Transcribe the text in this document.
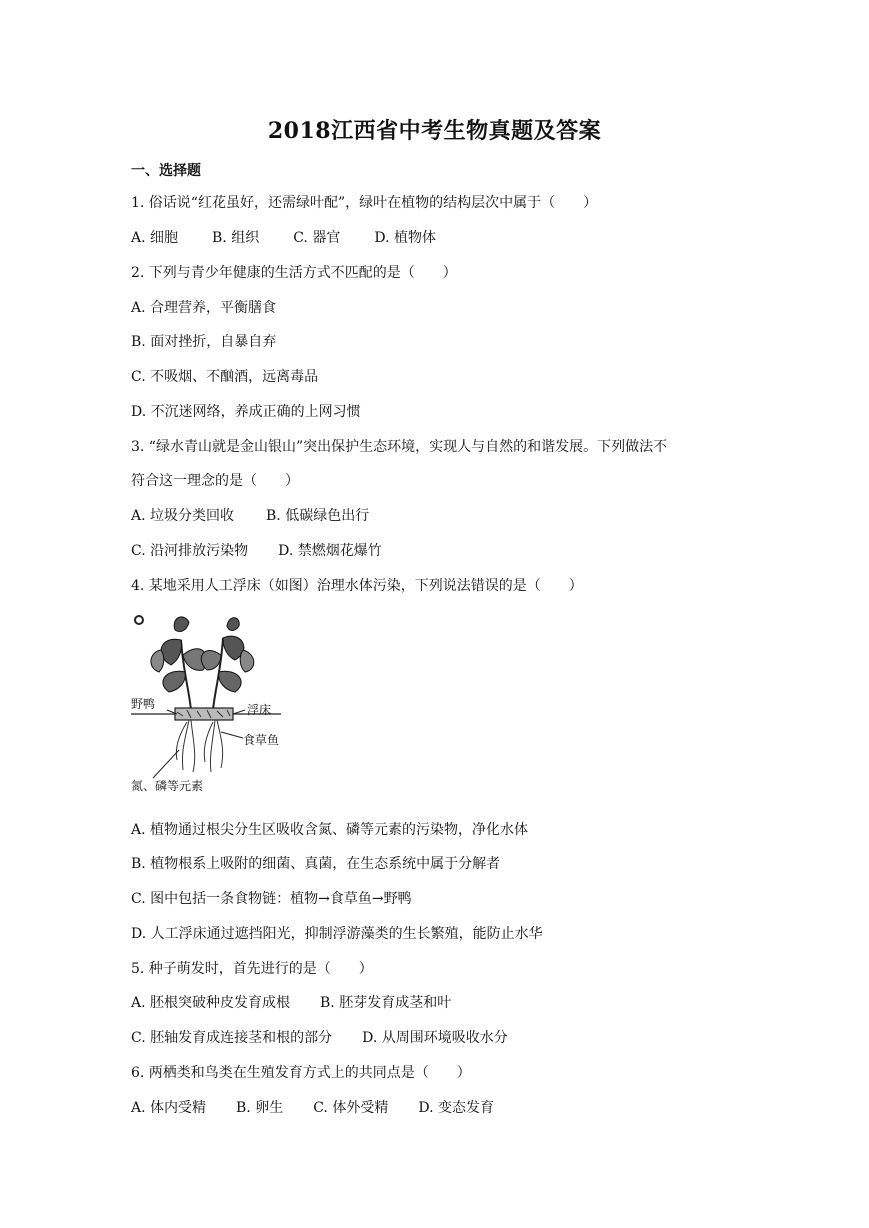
2018江西省中考生物真题及答案
一、选择题
1. 俗话说“红花虽好，还需绿叶配”，绿叶在植物的结构层次中属于（　　）
A. 细胞 B. 组织 C. 器官 D. 植物体
2. 下列与青少年健康的生活方式不匹配的是（　　）
A. 合理营养，平衡膳食
B. 面对挫折，自暴自弃
C. 不吸烟、不酗酒，远离毒品
D. 不沉迷网络，养成正确的上网习惯
3. “绿水青山就是金山银山”突出保护生态环境，实现人与自然的和谐发展。下列做法不
符合这一理念的是（　　）
A. 垃圾分类回收 B. 低碳绿色出行
C. 沿河排放污染物 D. 禁燃烟花爆竹
4. 某地采用人工浮床（如图）治理水体污染，下列说法错误的是（　　）
野鸭	浮床
食草鱼
氮、磷等元素
A. 植物通过根尖分生区吸收含氮、磷等元素的污染物，净化水体
B. 植物根系上吸附的细菌、真菌，在生态系统中属于分解者
C. 图中包括一条食物链：植物→食草鱼→野鸭
D. 人工浮床通过遮挡阳光，抑制浮游藻类的生长繁殖，能防止水华
5. 种子萌发时，首先进行的是（　　）
A. 胚根突破种皮发育成根 B. 胚芽发育成茎和叶
C. 胚轴发育成连接茎和根的部分 D. 从周围环境吸收水分
6. 两栖类和鸟类在生殖发育方式上的共同点是（　　）
A. 体内受精 B. 卵生 C. 体外受精 D. 变态发育
